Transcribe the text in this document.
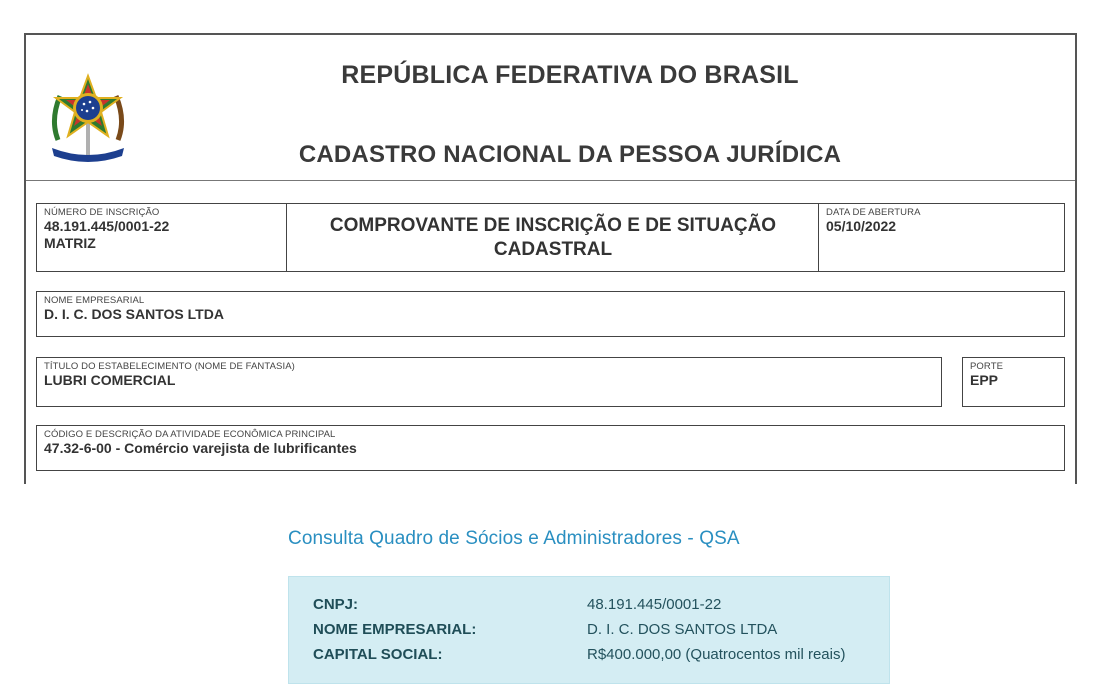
REPÚBLICA FEDERATIVA DO BRASIL
CADASTRO NACIONAL DA PESSOA JURÍDICA
NÚMERO DE INSCRIÇÃO
48.191.445/0001-22
MATRIZ
COMPROVANTE DE INSCRIÇÃO E DE SITUAÇÃO
CADASTRAL
DATA DE ABERTURA
05/10/2022
NOME EMPRESARIAL
D. I. C. DOS SANTOS LTDA
TÍTULO DO ESTABELECIMENTO (NOME DE FANTASIA)
LUBRI COMERCIAL
PORTE
EPP
CÓDIGO E DESCRIÇÃO DA ATIVIDADE ECONÔMICA PRINCIPAL
47.32-6-00 - Comércio varejista de lubrificantes
Consulta Quadro de Sócios e Administradores - QSA
CNPJ:	48.191.445/0001-22
NOME EMPRESARIAL:	D. I. C. DOS SANTOS LTDA
CAPITAL SOCIAL:	R$400.000,00 (Quatrocentos mil reais)
